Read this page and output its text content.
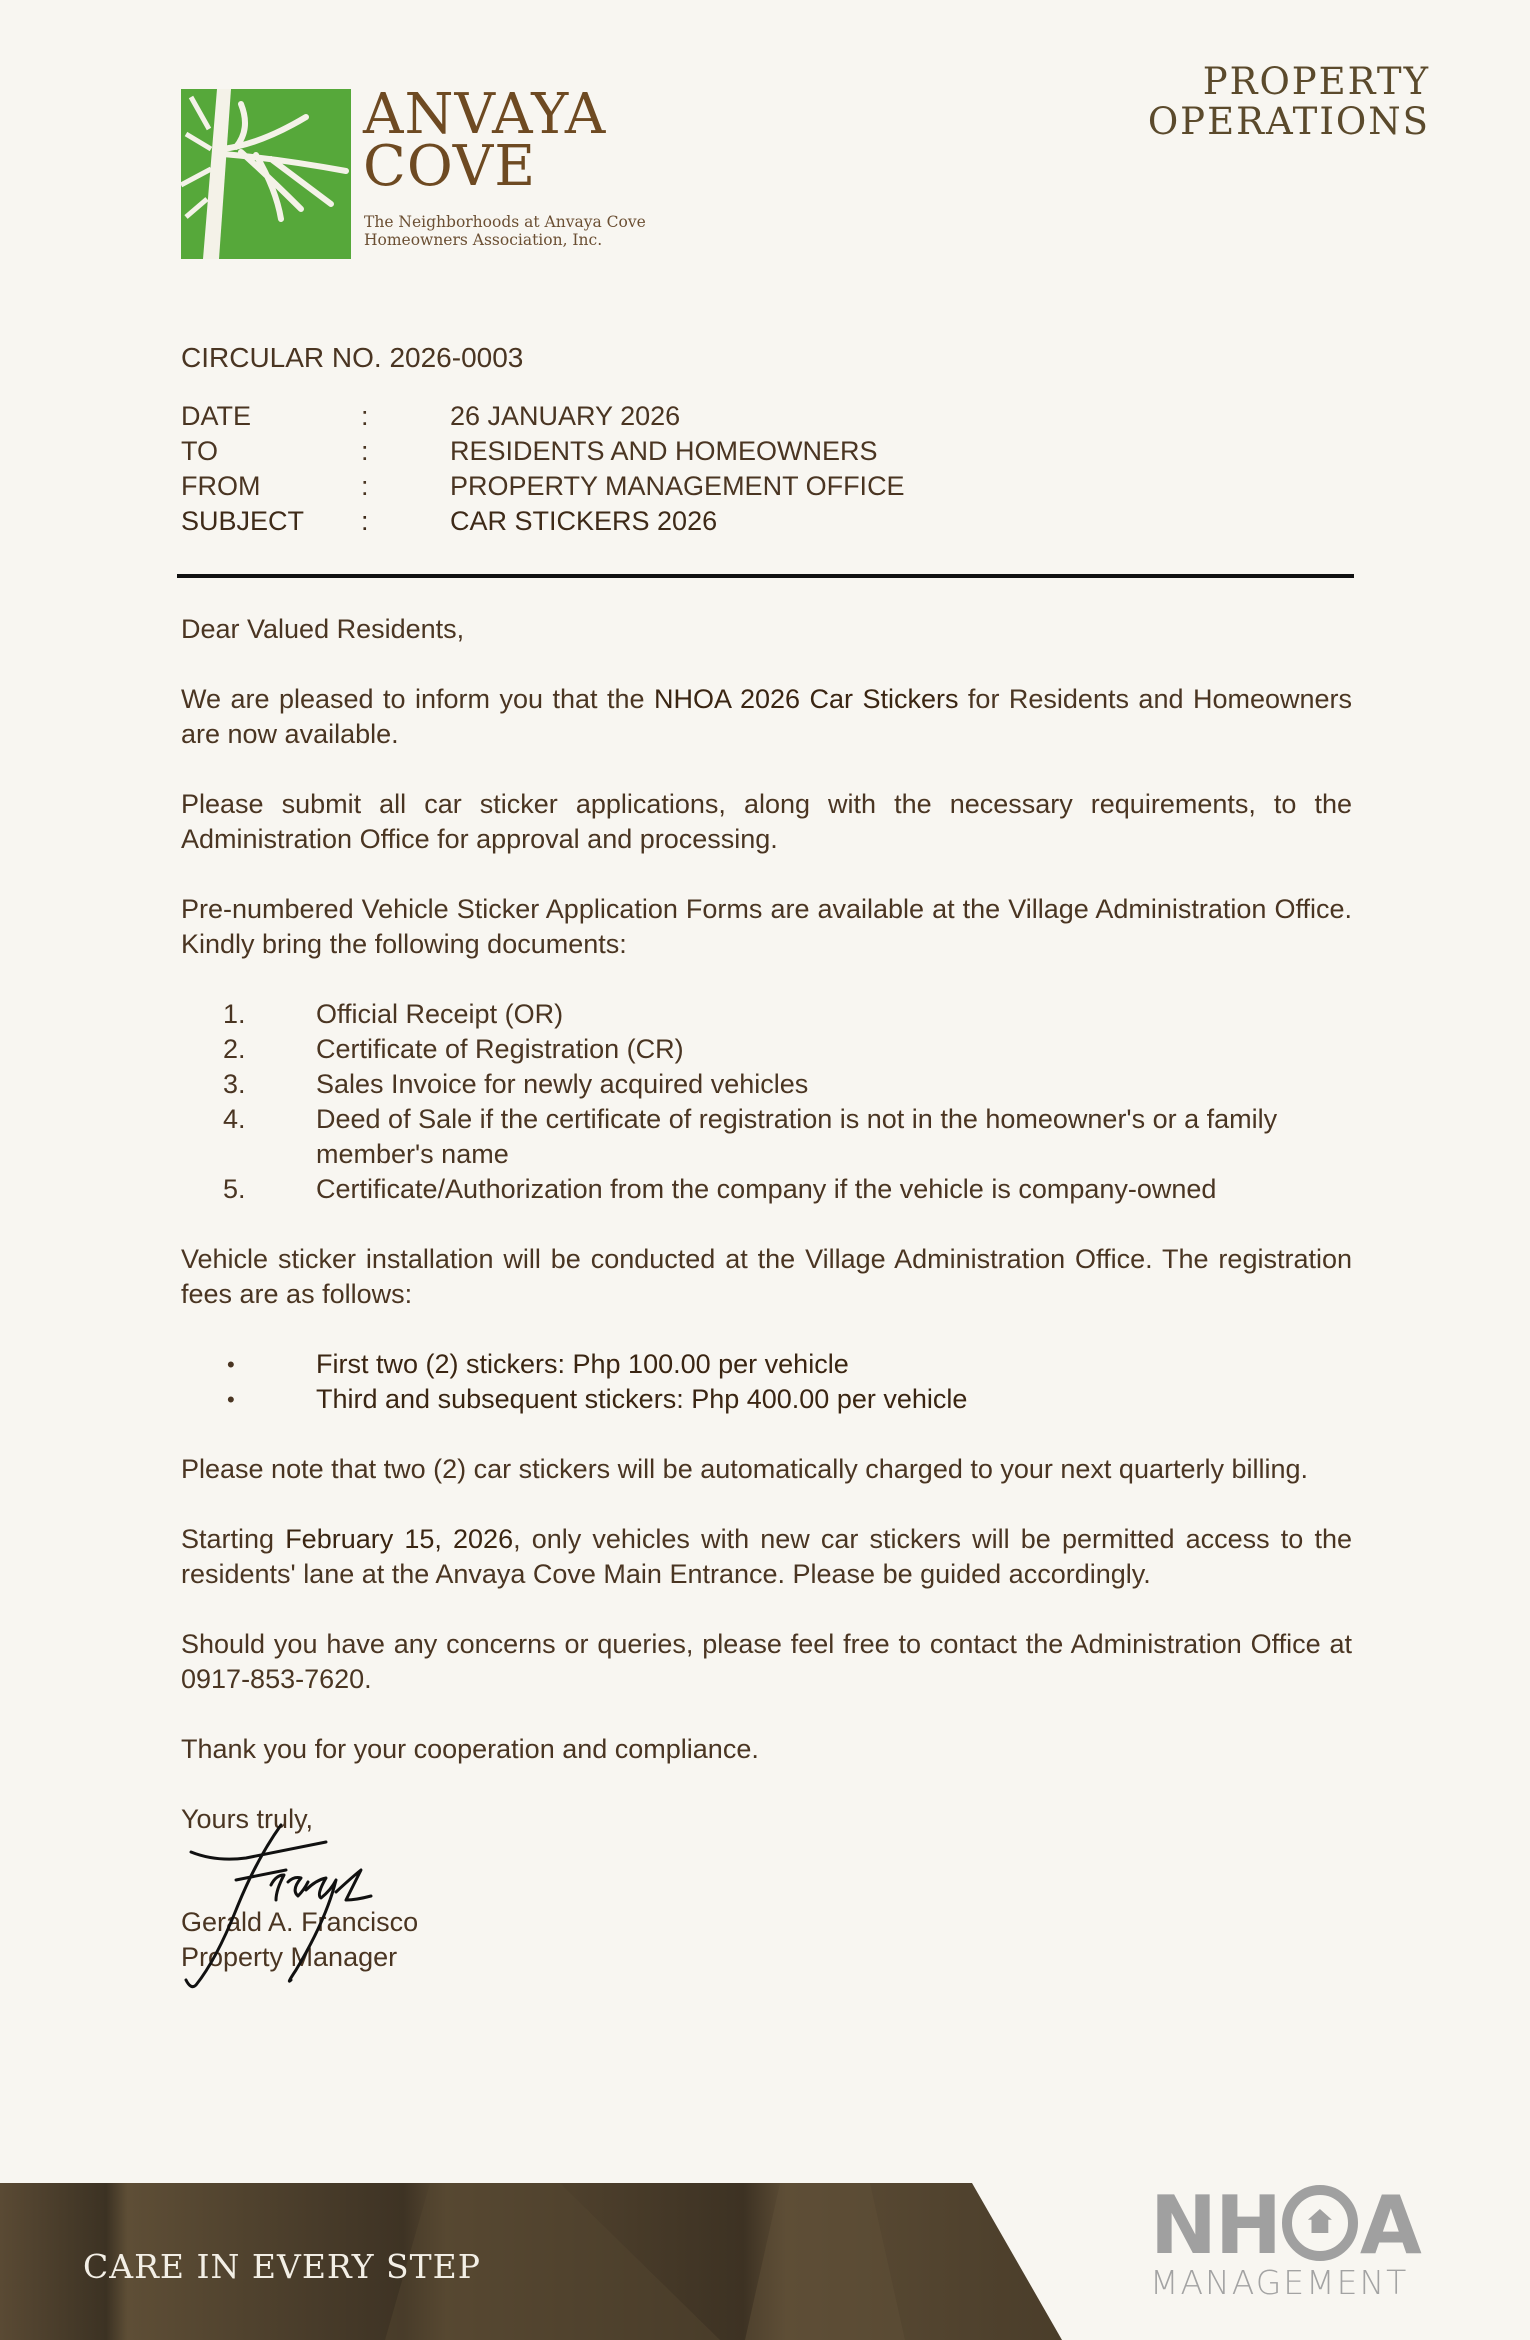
ANVAYA
COVE
The Neighborhoods at Anvaya Cove
Homeowners Association, Inc.
PROPERTY
OPERATIONS
CIRCULAR NO. 2026-0003
DATE	:	26 JANUARY 2026
TO	:	RESIDENTS AND HOMEOWNERS
FROM	:	PROPERTY MANAGEMENT OFFICE
SUBJECT	:	CAR STICKERS 2026

Dear Valued Residents,

We are pleased to inform you that the NHOA 2026 Car Stickers for Residents and Homeowners are now available.

Please submit all car sticker applications, along with the necessary requirements, to the Administration Office for approval and processing.

Pre-numbered Vehicle Sticker Application Forms are available at the Village Administration Office. Kindly bring the following documents:

1.	Official Receipt (OR)
2.	Certificate of Registration (CR)
3.	Sales Invoice for newly acquired vehicles
4.	Deed of Sale if the certificate of registration is not in the homeowner's or a family member's name
5.	Certificate/Authorization from the company if the vehicle is company-owned

Vehicle sticker installation will be conducted at the Village Administration Office. The registration fees are as follows:

•	First two (2) stickers: Php 100.00 per vehicle
•	Third and subsequent stickers: Php 400.00 per vehicle

Please note that two (2) car stickers will be automatically charged to your next quarterly billing.

Starting February 15, 2026, only vehicles with new car stickers will be permitted access to the residents' lane at the Anvaya Cove Main Entrance. Please be guided accordingly.

Should you have any concerns or queries, please feel free to contact the Administration Office at 0917-853-7620.

Thank you for your cooperation and compliance.

Yours truly,
Gerald A. Francisco
Property Manager
CARE IN EVERY STEP	NH A
MANAGEMENT
